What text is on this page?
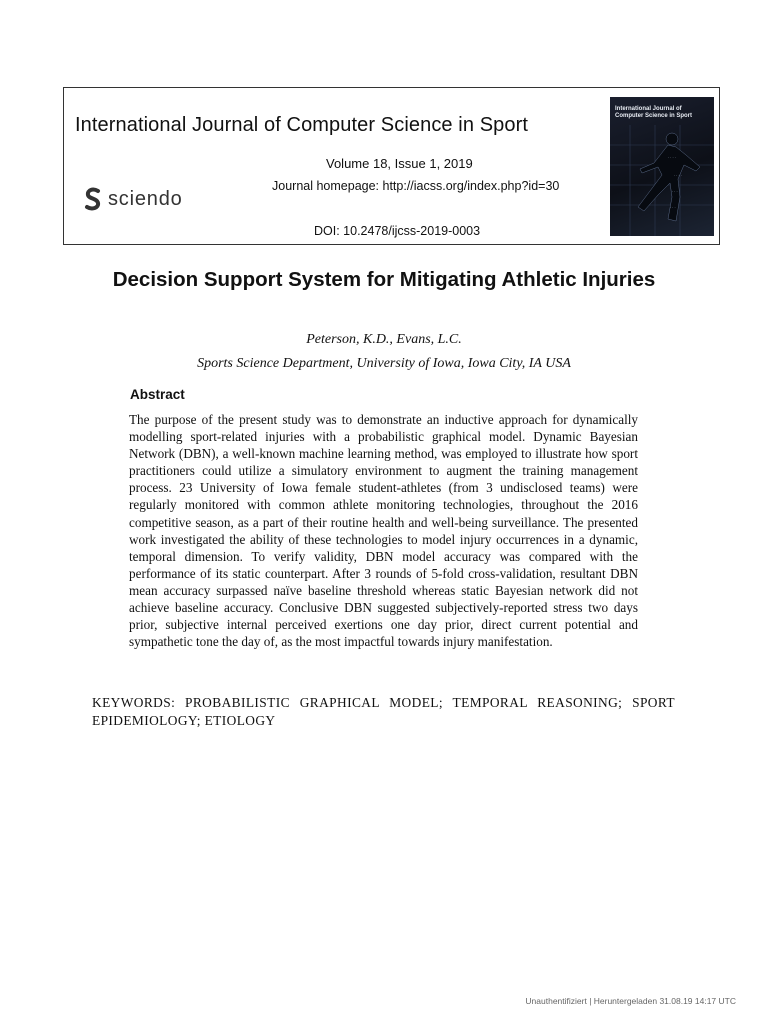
International Journal of Computer Science in Sport
Volume 18, Issue 1, 2019
Journal homepage: http://iacss.org/index.php?id=30
DOI: 10.2478/ijcss-2019-0003
sciendo
International Journal of Computer Science in Sport
· · · ·
· · · ·
· · ·
· · ·
Decision Support System for Mitigating Athletic Injuries
Peterson, K.D., Evans, L.C.
Sports Science Department, University of Iowa, Iowa City, IA USA
Abstract
The purpose of the present study was to demonstrate an inductive approach for dynamically modelling sport-related injuries with a probabilistic graphical model. Dynamic Bayesian Network (DBN), a well-known machine learning method, was employed to illustrate how sport practitioners could utilize a simulatory environment to augment the training management process. 23 University of Iowa female student-athletes (from 3 undisclosed teams) were regularly monitored with common athlete monitoring technologies, throughout the 2016 competitive season, as a part of their routine health and well-being surveillance. The presented work investigated the ability of these technologies to model injury occurrences in a dynamic, temporal dimension. To verify validity, DBN model accuracy was compared with the performance of its static counterpart. After 3 rounds of 5-fold cross-validation, resultant DBN mean accuracy surpassed naïve baseline threshold whereas static Bayesian network did not achieve baseline accuracy. Conclusive DBN suggested subjectively-reported stress two days prior, subjective internal perceived exertions one day prior, direct current potential and sympathetic tone the day of, as the most impactful towards injury manifestation.
KEYWORDS: PROBABILISTIC GRAPHICAL MODEL; TEMPORAL REASONING; SPORT EPIDEMIOLOGY; ETIOLOGY
Unauthentifiziert | Heruntergeladen 31.08.19 14:17 UTC
